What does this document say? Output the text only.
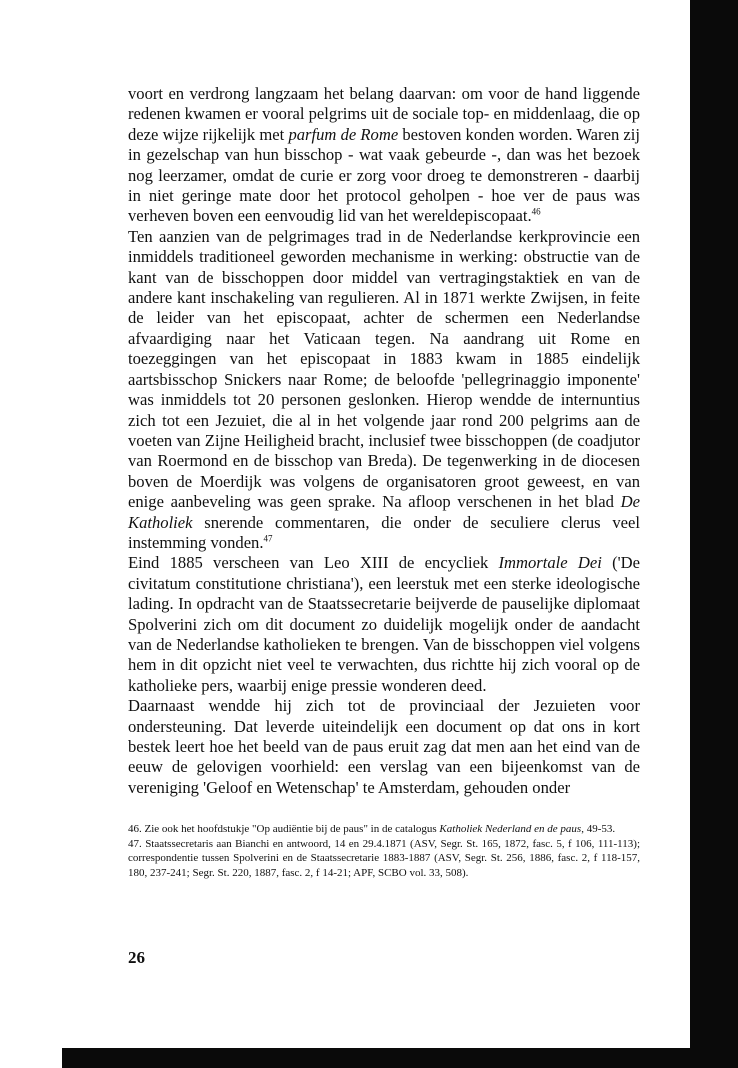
voort en verdrong langzaam het belang daarvan: om voor de hand liggende redenen kwamen er vooral pelgrims uit de sociale top- en middenlaag, die op deze wijze rijkelijk met parfum de Rome bestoven konden worden. Waren zij in gezelschap van hun bisschop - wat vaak gebeurde -, dan was het bezoek nog leerzamer, omdat de curie er zorg voor droeg te demonstreren - daarbij in niet geringe mate door het protocol geholpen - hoe ver de paus was verheven boven een eenvoudig lid van het wereldepiscopaat.$^{46}$

Ten aanzien van de pelgrimages trad in de Nederlandse kerkprovincie een inmiddels traditioneel geworden mechanisme in werking: obstructie van de kant van de bisschoppen door middel van vertragingstaktiek en van de andere kant inschakeling van regulieren. Al in 1871 werkte Zwijsen, in feite de leider van het episcopaat, achter de schermen een Nederlandse afvaardiging naar het Vaticaan tegen. Na aandrang uit Rome en toezeggingen van het episcopaat in 1883 kwam in 1885 eindelijk aartsbisschop Snickers naar Rome; de beloofde 'pellegrinaggio imponente' was inmiddels tot 20 personen geslonken. Hierop wendde de internuntius zich tot een Jezuiet, die al in het volgende jaar rond 200 pelgrims aan de voeten van Zijne Heiligheid bracht, inclusief twee bisschoppen (de coadjutor van Roermond en de bisschop van Breda). De tegenwerking in de diocesen boven de Moerdijk was volgens de organisatoren groot geweest, en van enige aanbeveling was geen sprake. Na afloop verschenen in het blad De Katholiek snerende commentaren, die onder de seculiere clerus veel instemming vonden.$^{47}$

Eind 1885 verscheen van Leo XIII de encycliek Immortale Dei ('De civitatum constitutione christiana'), een leerstuk met een sterke ideologische lading. In opdracht van de Staatssecretarie beijverde de pauselijke diplomaat Spolverini zich om dit document zo duidelijk mogelijk onder de aandacht van de Nederlandse katholieken te brengen. Van de bisschoppen viel volgens hem in dit opzicht niet veel te verwachten, dus richtte hij zich vooral op de katholieke pers, waarbij enige pressie wonderen deed.

Daarnaast wendde hij zich tot de provinciaal der Jezuieten voor ondersteuning. Dat leverde uiteindelijk een document op dat ons in kort bestek leert hoe het beeld van de paus eruit zag dat men aan het eind van de eeuw de gelovigen voorhield: een verslag van een bijeenkomst van de vereniging 'Geloof en Wetenschap' te Amsterdam, gehouden onder

46. Zie ook het hoofdstukje "Op audiëntie bij de paus" in de catalogus Katholiek Nederland en de paus, 49-53.

47. Staatssecretaris aan Bianchi en antwoord, 14 en 29.4.1871 (ASV, Segr. St. 165, 1872, fasc. 5, f 106, 111-113); correspondentie tussen Spolverini en de Staatssecretarie 1883-1887 (ASV, Segr. St. 256, 1886, fasc. 2, f 118-157, 180, 237-241; Segr. St. 220, 1887, fasc. 2, f 14-21; APF, SCBO vol. 33, 508).

26
